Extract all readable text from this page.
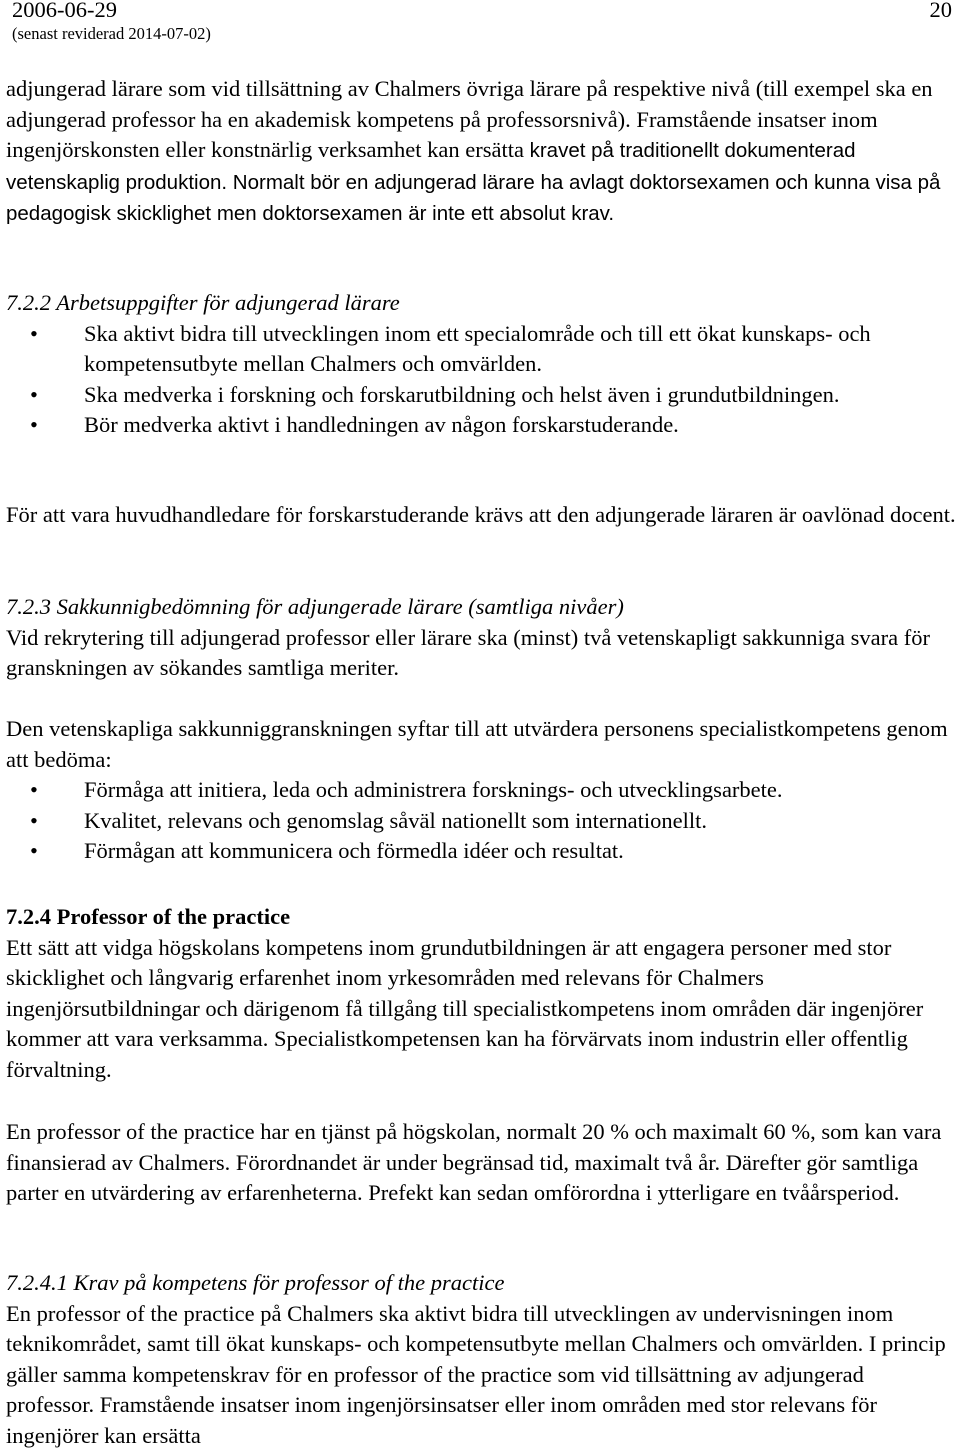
2006-06-29
(senast reviderad 2014-07-02)
20

adjungerad lärare som vid tillsättning av Chalmers övriga lärare på respektive nivå (till exempel ska en adjungerad professor ha en akademisk kompetens på professorsnivå). Framstående insatser inom ingenjörskonsten eller konstnärlig verksamhet kan ersätta kravet på traditionellt dokumenterad vetenskaplig produktion. Normalt bör en adjungerad lärare ha avlagt doktorsexamen och kunna visa på pedagogisk skicklighet men doktorsexamen är inte ett absolut krav.

7.2.2 Arbetsuppgifter för adjungerad lärare

• Ska aktivt bidra till utvecklingen inom ett specialområde och till ett ökat kunskaps- och kompetensutbyte mellan Chalmers och omvärlden.
• Ska medverka i forskning och forskarutbildning och helst även i grundutbildningen.
• Bör medverka aktivt i handledningen av någon forskarstuderande.

För att vara huvudhandledare för forskarstuderande krävs att den adjungerade läraren är oavlönad docent.

7.2.3 Sakkunnigbedömning för adjungerade lärare (samtliga nivåer)

Vid rekrytering till adjungerad professor eller lärare ska (minst) två vetenskapligt sakkunniga svara för granskningen av sökandes samtliga meriter.

Den vetenskapliga sakkunniggranskningen syftar till att utvärdera personens specialistkompetens genom att bedöma:

• Förmåga att initiera, leda och administrera forsknings- och utvecklingsarbete.
• Kvalitet, relevans och genomslag såväl nationellt som internationellt.
• Förmågan att kommunicera och förmedla idéer och resultat.

7.2.4 Professor of the practice

Ett sätt att vidga högskolans kompetens inom grundutbildningen är att engagera personer med stor skicklighet och långvarig erfarenhet inom yrkesområden med relevans för Chalmers ingenjörsutbildningar och därigenom få tillgång till specialistkompetens inom områden där ingenjörer kommer att vara verksamma. Specialistkompetensen kan ha förvärvats inom industrin eller offentlig förvaltning.

En professor of the practice har en tjänst på högskolan, normalt 20 % och maximalt 60 %, som kan vara finansierad av Chalmers. Förordnandet är under begränsad tid, maximalt två år. Därefter gör samtliga parter en utvärdering av erfarenheterna. Prefekt kan sedan omförordna i ytterligare en tvåårsperiod.

7.2.4.1 Krav på kompetens för professor of the practice

En professor of the practice på Chalmers ska aktivt bidra till utvecklingen av undervisningen inom teknikområdet, samt till ökat kunskaps- och kompetensutbyte mellan Chalmers och omvärlden. I princip gäller samma kompetenskrav för en professor of the practice som vid tillsättning av adjungerad professor. Framstående insatser inom ingenjörsinsatser eller inom områden med stor relevans för ingenjörer kan ersätta
